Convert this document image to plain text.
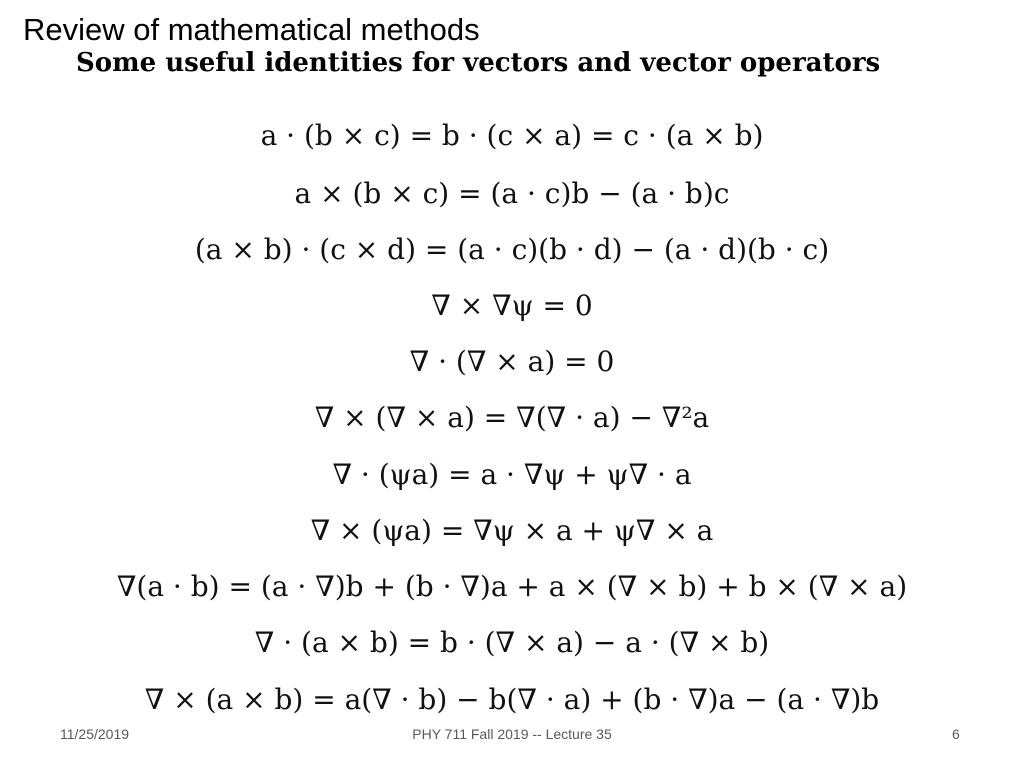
Review of mathematical methods
Some useful identities for vectors and vector operators
a · (b × c) = b · (c × a) = c · (a × b)
a × (b × c) = (a · c)b − (a · b)c
(a × b) · (c × d) = (a · c)(b · d) − (a · d)(b · c)
∇ × ∇ψ = 0
∇ · (∇ × a) = 0
∇ × (∇ × a) = ∇(∇ · a) − ∇²a
∇ · (ψa) = a · ∇ψ + ψ∇ · a
∇ × (ψa) = ∇ψ × a + ψ∇ × a
∇(a · b) = (a · ∇)b + (b · ∇)a + a × (∇ × b) + b × (∇ × a)
∇ · (a × b) = b · (∇ × a) − a · (∇ × b)
∇ × (a × b) = a(∇ · b) − b(∇ · a) + (b · ∇)a − (a · ∇)b
11/25/2019	PHY 711 Fall 2019 -- Lecture 35	6
